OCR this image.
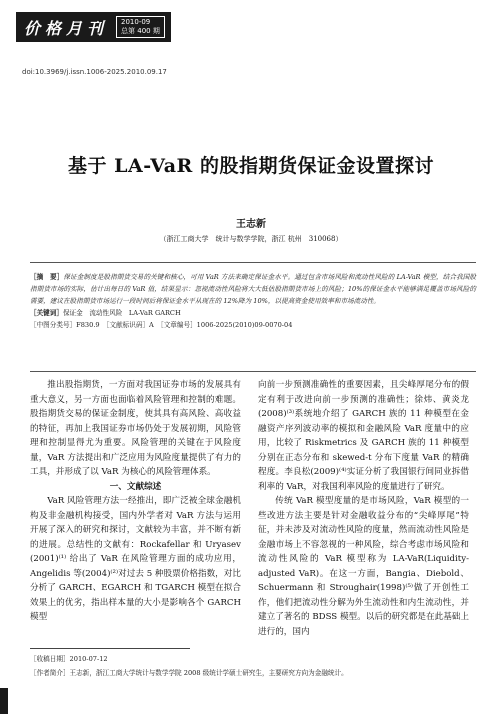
价格月刊 2010-09
总第 400 期
doi:10.3969/j.issn.1006-2025.2010.09.17
基于 LA-VaR 的股指期货保证金设置探讨
王志新
（浙江工商大学　统计与数学学院，浙江 杭州　310068）
［摘　要］保证金制度是股指期货交易的关键和核心，可用 VaR 方法来确定保证金水平。通过包含市场风险和流动性风险的 LA-VaR 模型，结合我国股指期货市场的实际，估计出每日的 VaR 值，结果显示：忽视流动性风险将大大低估股指期货市场上的风险；10%的保证金水平能够满足覆盖市场风险的需要，建议在股指期货市场运行一段时间后将保证金水平从现在的 12%降为 10%，以提高资金使用效率和市场流动性。
［关键词］保证金　流动性风险　LA-VaR GARCH
［中图分类号］F830.9　［文献标识码］A　［文章编号］1006-2025(2010)09-0070-04

推出股指期货，一方面对我国证券市场的发展具有重大意义，另一方面也面临着风险管理和控制的难题。股指期货交易的保证金制度，使其具有高风险、高收益的特征，再加上我国证券市场仍处于发展初期，风险管理和控制显得尤为重要。风险管理的关键在于风险度量，VaR 方法提出和广泛应用为风险度量提供了有力的工具，并形成了以 VaR 为核心的风险管理体系。

一、文献综述

VaR 风险管理方法一经推出，即广泛被全球金融机构及非金融机构接受，国内外学者对 VaR 方法与运用开展了深入的研究和探讨，文献较为丰富，并不断有新的进展。总结性的文献有：Rockafellar 和 Uryasev (2001)⁽¹⁾ 给出了 VaR 在风险管理方面的成功应用，Angelidis 等(2004)⁽²⁾对过去 5 种股票价格指数，对比分析了 GARCH、EGARCH 和 TGARCH 模型在拟合效果上的优劣，指出样本量的大小是影响各个 GARCH 模型

向前一步预测准确性的重要因素，且尖峰厚尾分布的假定有利于改进向前一步预测的准确性；徐炜、黄炎龙(2008)⁽³⁾系统地介绍了 GARCH 族的 11 种模型在金融资产序列波动率的模拟和金融风险 VaR 度量中的应用，比较了 Riskmetrics 及 GARCH 族的 11 种模型分别在正态分布和 skewed-t 分布下度量 VaR 的精确程度。李良松(2009)⁽⁴⁾实证分析了我国银行间同业拆借利率的 VaR，对我国利率风险的度量进行了研究。

传统 VaR 模型度量的是市场风险，VaR 模型的一些改进方法主要是针对金融收益分布的“尖峰厚尾”特征，并未涉及对流动性风险的度量，然而流动性风险是金融市场上不容忽视的一种风险，综合考虑市场风险和流动性风险的 VaR 模型称为 LA-VaR(Liquidity-adjusted VaR)。在这一方面，Bangia、Diebold、Schuermann 和 Stroughair(1998)⁽⁵⁾做了开创性工作，他们把流动性分解为外生流动性和内生流动性，并建立了著名的 BDSS 模型。以后的研究都是在此基础上进行的，国内

［收稿日期］2010-07-12
［作者简介］王志新，浙江工商大学统计与数学学院 2008 级统计学硕士研究生，主要研究方向为金融统计。
